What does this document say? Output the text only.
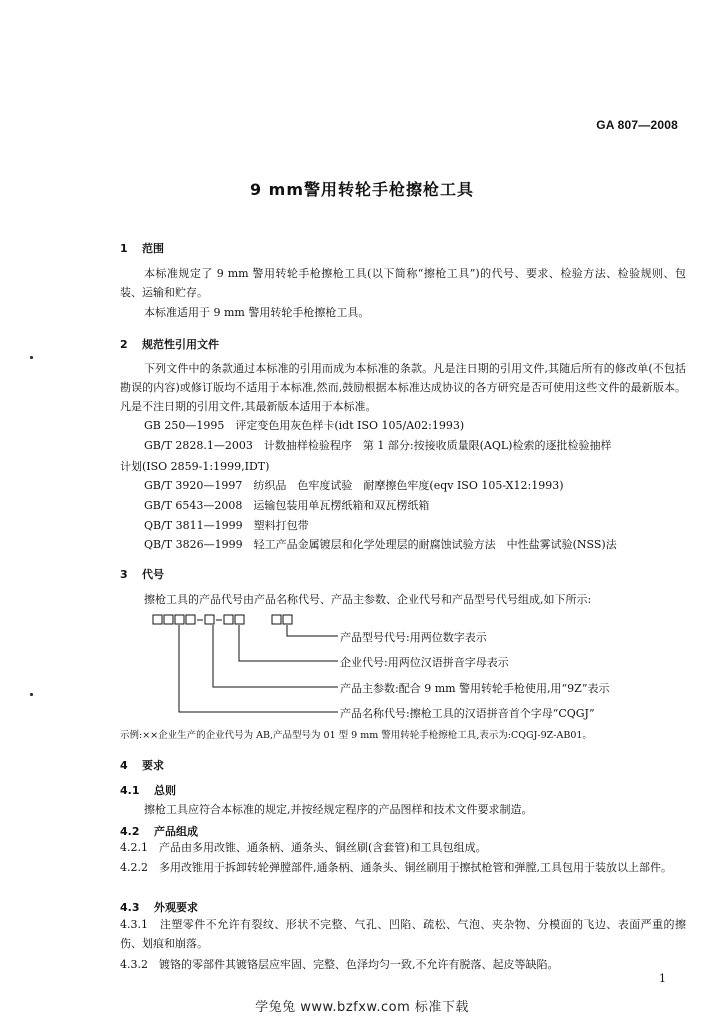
GA 807—2008
9 mm警用转轮手枪擦枪工具
1 范围
本标准规定了 9 mm 警用转轮手枪擦枪工具(以下简称“擦枪工具”)的代号、要求、检验方法、检验规则、包装、运输和贮存。
本标准适用于 9 mm 警用转轮手枪擦枪工具。
2 规范性引用文件
下列文件中的条款通过本标准的引用而成为本标准的条款。凡是注日期的引用文件,其随后所有的修改单(不包括勘误的内容)或修订版均不适用于本标准,然而,鼓励根据本标准达成协议的各方研究是否可使用这些文件的最新版本。凡是不注日期的引用文件,其最新版本适用于本标准。
GB 250—1995　评定变色用灰色样卡(idt ISO 105/A02:1993)
GB/T 2828.1—2003　计数抽样检验程序　第 1 部分:按接收质量限(AQL)检索的逐批检验抽样
计划(ISO 2859-1:1999,IDT)
GB/T 3920—1997　纺织品　色牢度试验　耐摩擦色牢度(eqv ISO 105-X12:1993)
GB/T 6543—2008　运输包装用单瓦楞纸箱和双瓦楞纸箱
QB/T 3811—1999　塑料打包带
QB/T 3826—1999　轻工产品金属镀层和化学处理层的耐腐蚀试验方法　中性盐雾试验(NSS)法
3 代号
擦枪工具的产品代号由产品名称代号、产品主参数、企业代号和产品型号代号组成,如下所示:
产品型号代号:用两位数字表示
企业代号:用两位汉语拼音字母表示
产品主参数:配合 9 mm 警用转轮手枪使用,用“9Z”表示
产品名称代号:擦枪工具的汉语拼音首个字母“CQGJ”
示例:××企业生产的企业代号为 AB,产品型号为 01 型 9 mm 警用转轮手枪擦枪工具,表示为:CQGJ-9Z-AB01。
4 要求
4.1 总则
擦枪工具应符合本标准的规定,并按经规定程序的产品图样和技术文件要求制造。
4.2 产品组成
4.2.1　产品由多用改锥、通条柄、通条头、铜丝刷(含套管)和工具包组成。
4.2.2　多用改锥用于拆卸转轮弹膛部件,通条柄、通条头、铜丝刷用于擦拭枪管和弹膛,工具包用于装放以上部件。
4.3 外观要求
4.3.1　注塑零件不允许有裂纹、形状不完整、气孔、凹陷、疏松、气泡、夹杂物、分模面的飞边、表面严重的擦伤、划痕和崩落。
4.3.2　镀铬的零部件其镀铬层应牢固、完整、色泽均匀一致,不允许有脱落、起皮等缺陷。
1
学兔兔 www.bzfxw.com 标准下载
